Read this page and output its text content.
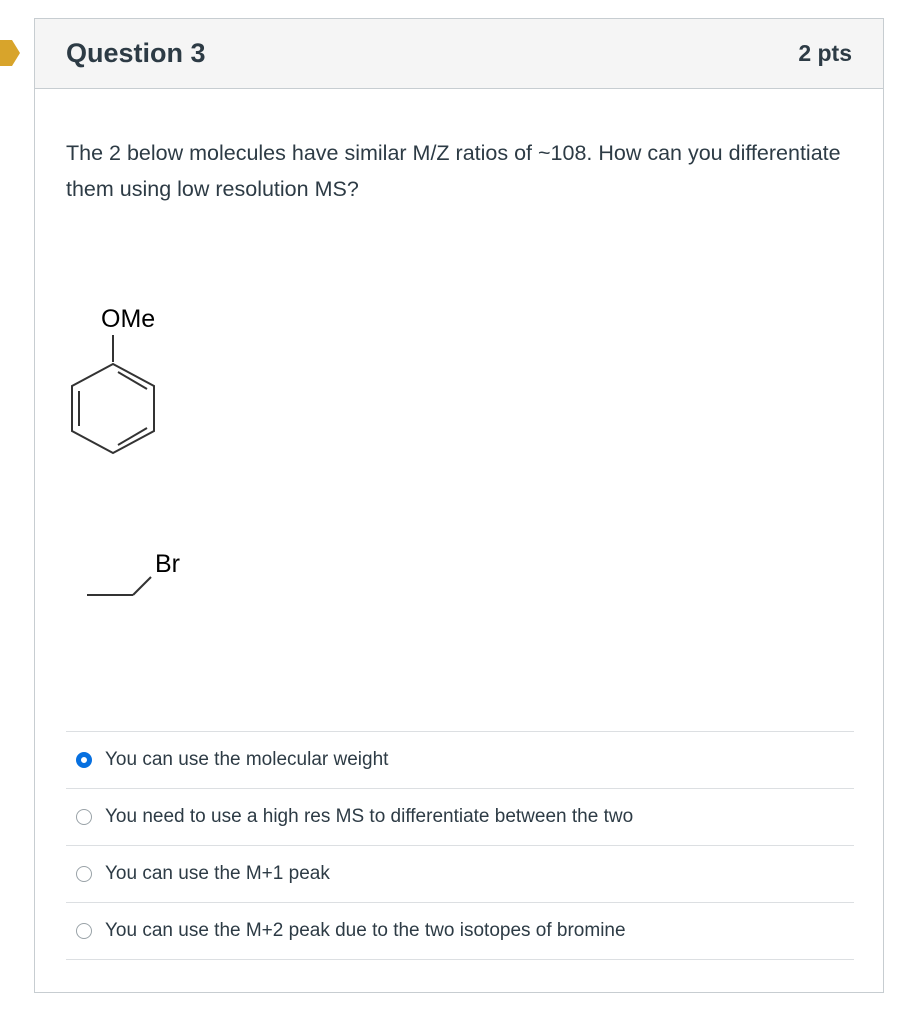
Question 3	2 pts
The 2 below molecules have similar M/Z ratios of ~108. How can you differentiate them using low resolution MS?
OMe
Br
You can use the molecular weight
You need to use a high res MS to differentiate between the two
You can use the M+1 peak
You can use the M+2 peak due to the two isotopes of bromine
